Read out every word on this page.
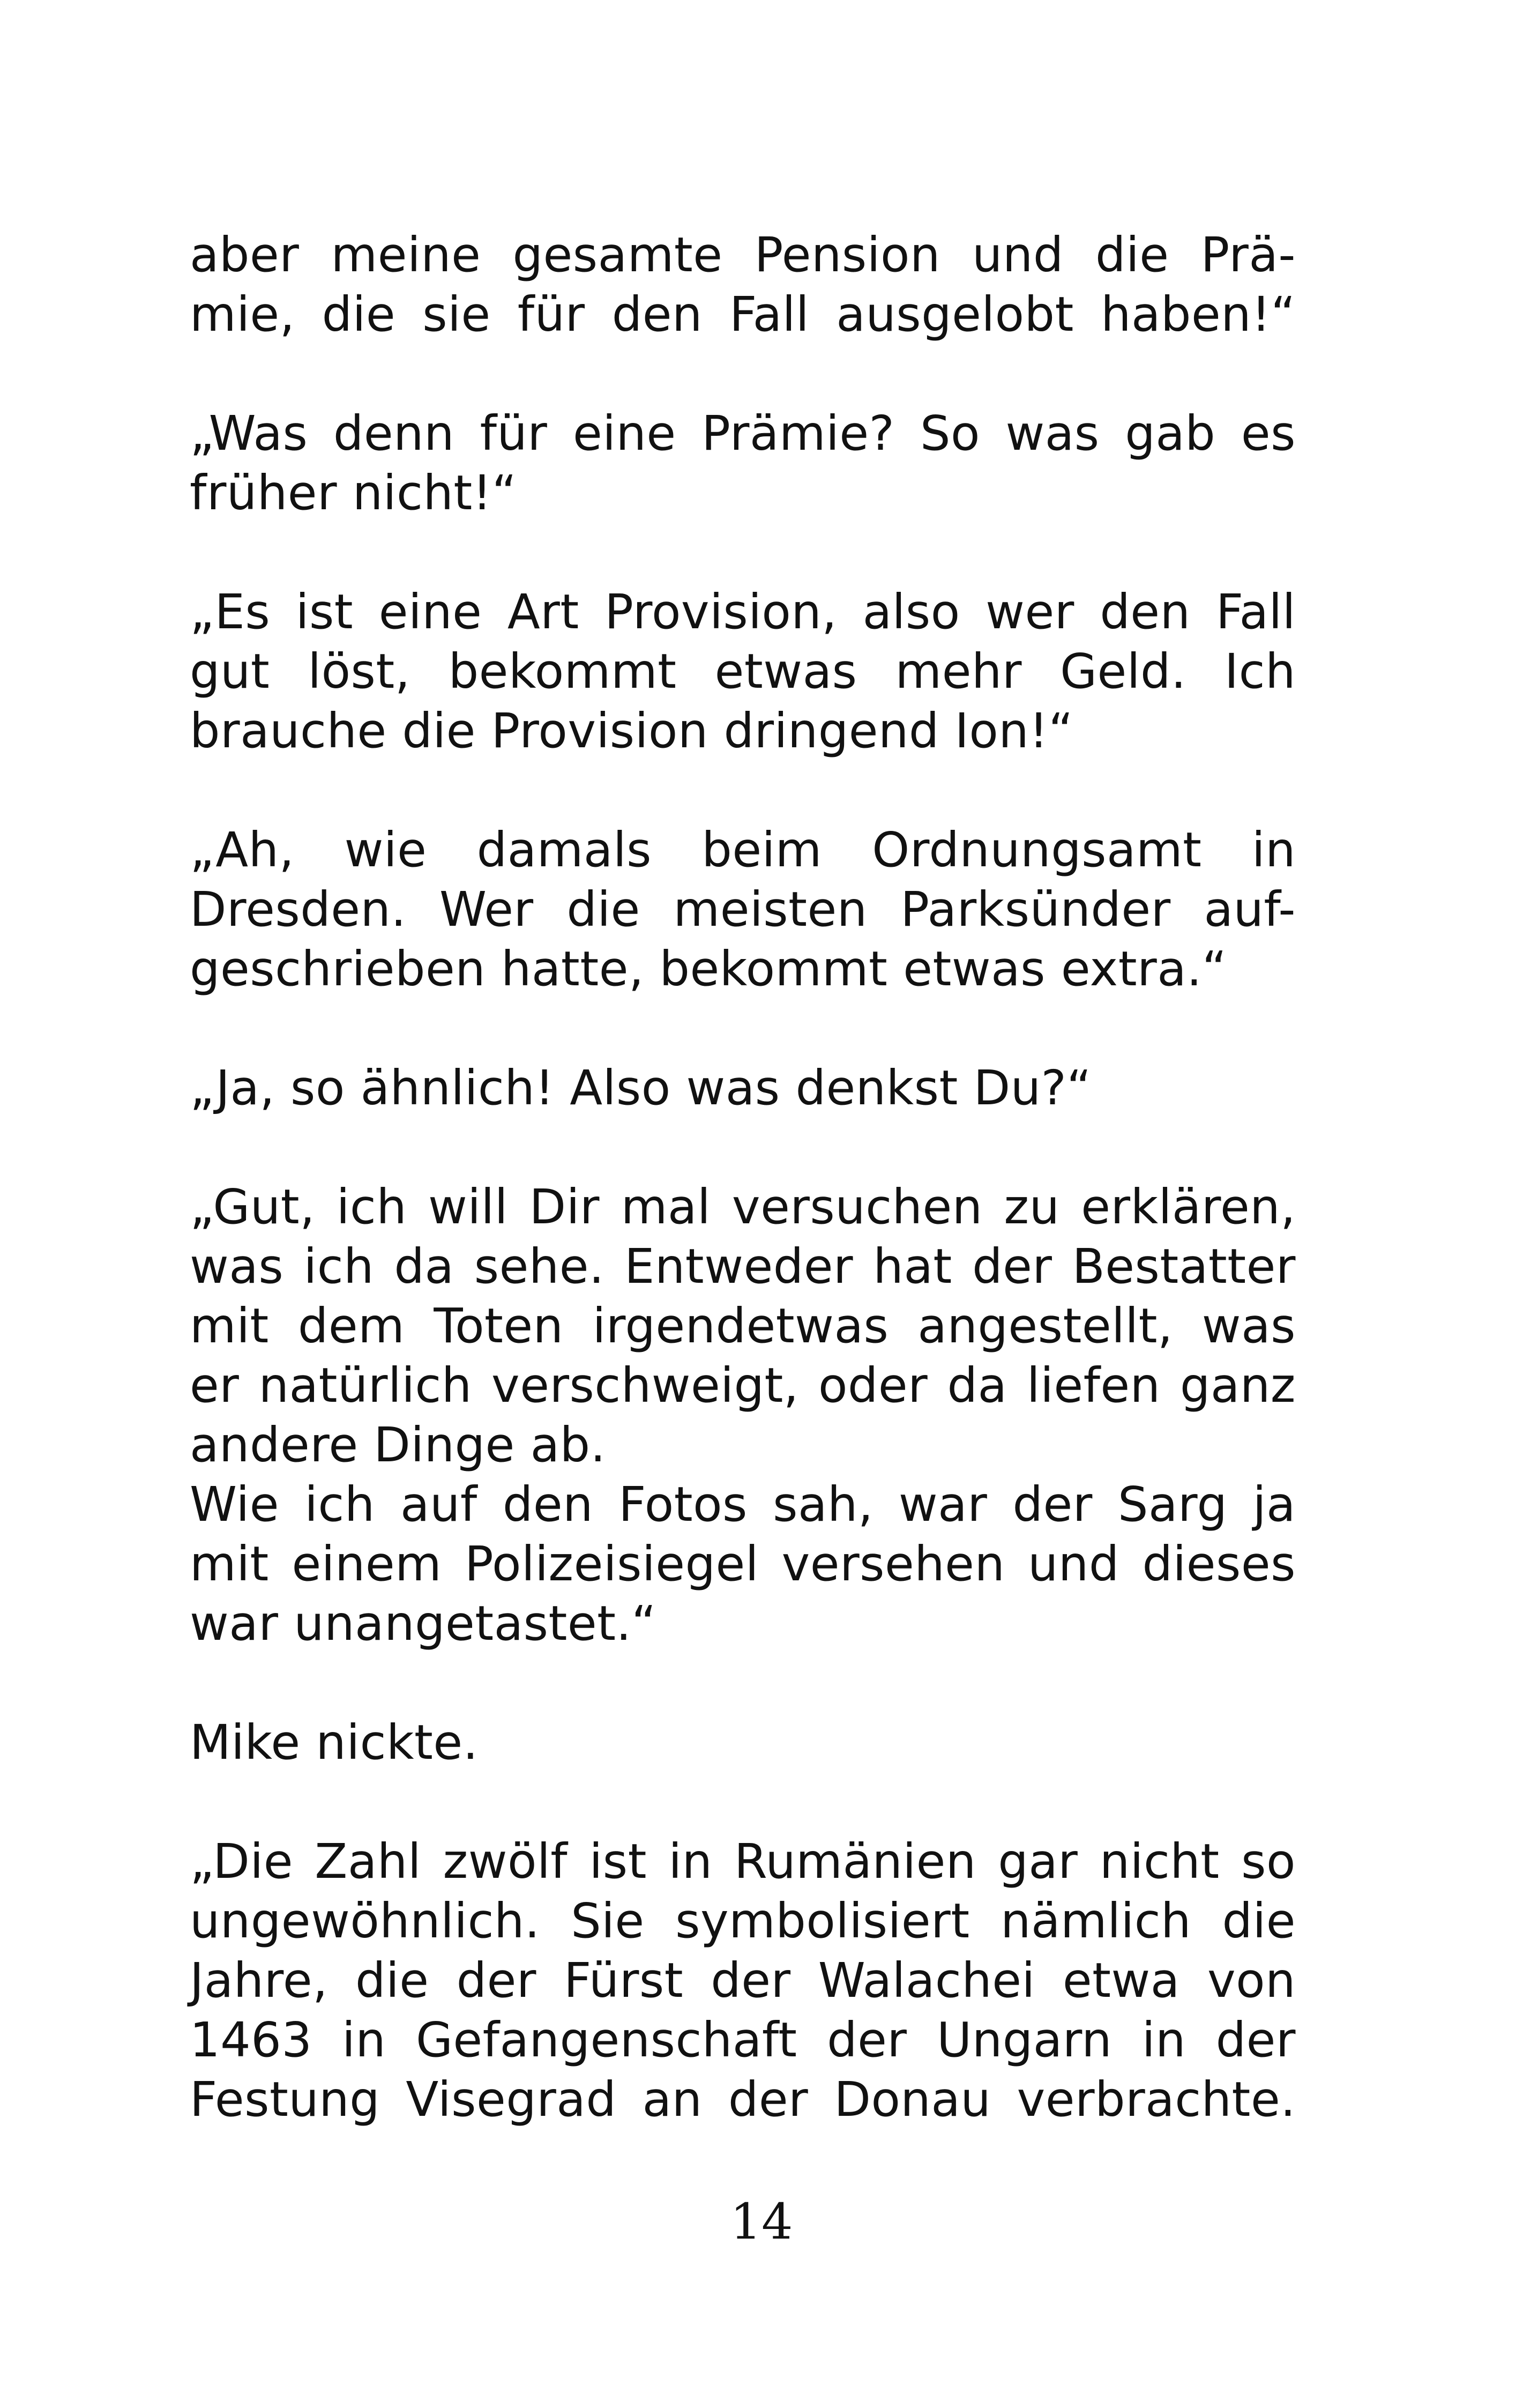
aber meine gesamte Pension und die Prä-
mie, die sie für den Fall ausgelobt haben!“

„Was denn für eine Prämie? So was gab es
früher nicht!“

„Es ist eine Art Provision, also wer den Fall
gut löst, bekommt etwas mehr Geld. Ich
brauche die Provision dringend Ion!“

„Ah, wie damals beim Ordnungsamt in
Dresden. Wer die meisten Parksünder auf-
geschrieben hatte, bekommt etwas extra.“

„Ja, so ähnlich! Also was denkst Du?“

„Gut, ich will Dir mal versuchen zu erklären,
was ich da sehe. Entweder hat der Bestatter
mit dem Toten irgendetwas angestellt, was
er natürlich verschweigt, oder da liefen ganz
andere Dinge ab.
Wie ich auf den Fotos sah, war der Sarg ja
mit einem Polizeisiegel versehen und dieses
war unangetastet.“

Mike nickte.

„Die Zahl zwölf ist in Rumänien gar nicht so
ungewöhnlich. Sie symbolisiert nämlich die
Jahre, die der Fürst der Walachei etwa von
1463 in Gefangenschaft der Ungarn in der
Festung Visegrad an der Donau verbrachte.

14
